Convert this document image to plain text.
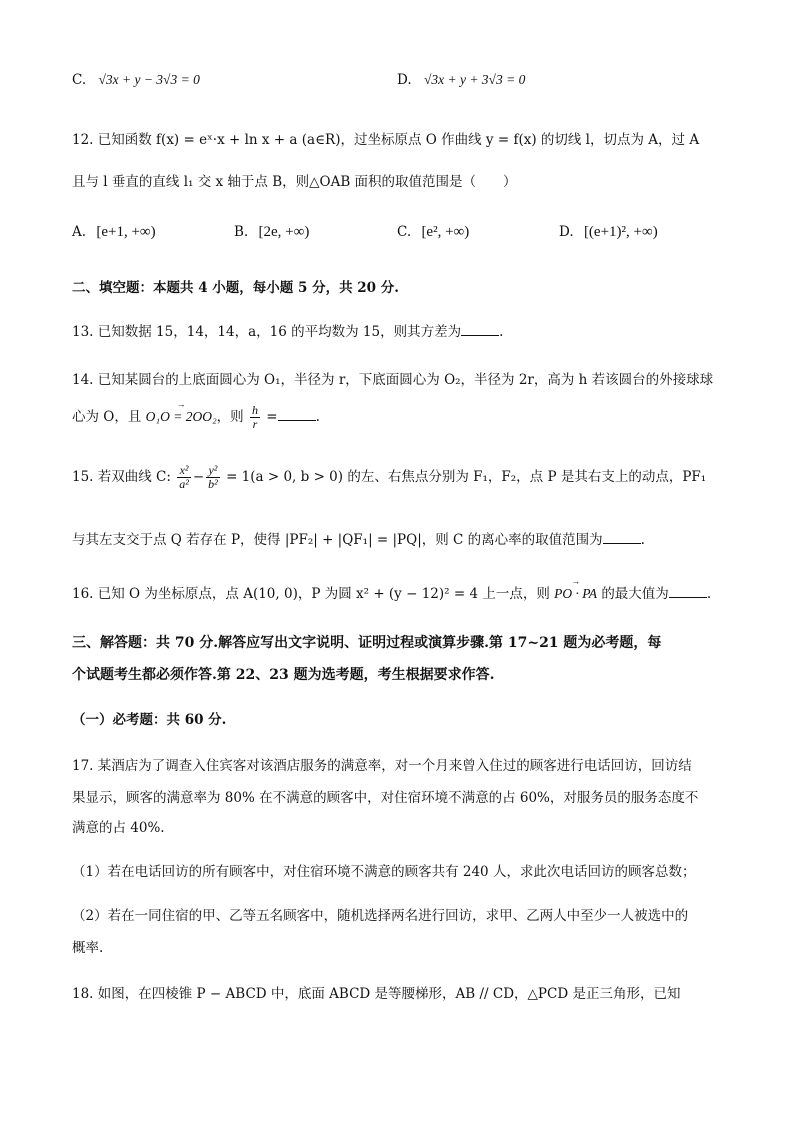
C. √3x + y − 3√3 = 0	D. √3x + y + 3√3 = 0
12. 已知函数 f(x) = eˣ·x + ln x + a (a∈R)，过坐标原点 O 作曲线 y = f(x) 的切线 l，切点为 A，过 A
且与 l 垂直的直线 l₁ 交 x 轴于点 B，则△OAB 面积的取值范围是（　　）
A. [e+1, +∞)	B. [2e, +∞)	C. [e², +∞)	D. [(e+1)², +∞)
二、填空题：本题共 4 小题，每小题 5 分，共 20 分.
13. 已知数据 15，14，14，a，16 的平均数为 15，则其方差为	.
14. 已知某圆台的上底面圆心为 O₁，半径为 r，下底面圆心为 O₂，半径为 2r，高为 h 若该圆台的外接球球
心为 O，且 → O₁O = 2OO₂，则 $\frac{h}{r}$ =	.
15. 若双曲线 C: $\frac{\text{x²}}{\text{a²}} - \frac{\text{y²}}{\text{b²}} = 1(a > 0$, b > 0) 的左、右焦点分别为 F₁，F₂，点 P 是其右支上的动点，PF₁
与其左支交于点 Q 若存在 P，使得 |PF₂| + |QF₁| = |PQ|，则 C 的离心率的取值范围为	.
16. 已知 O 为坐标原点，点 A(10, 0)，P 为圆 x² + (y − 12)² = 4 上一点，则 → PO · PA 的最大值为	.
三、解答题：共 70 分.解答应写出文字说明、证明过程或演算步骤.第 17~21 题为必考题，每
个试题考生都必须作答.第 22、23 题为选考题，考生根据要求作答.
（一）必考题：共 60 分.
17. 某酒店为了调查入住宾客对该酒店服务的满意率，对一个月来曾入住过的顾客进行电话回访，回访结
果显示，顾客的满意率为 80% 在不满意的顾客中，对住宿环境不满意的占 60%，对服务员的服务态度不
满意的占 40%.
（1）若在电话回访的所有顾客中，对住宿环境不满意的顾客共有 240 人，求此次电话回访的顾客总数；
（2）若在一同住宿的甲、乙等五名顾客中，随机选择两名进行回访，求甲、乙两人中至少一人被选中的
概率.
18. 如图，在四棱锥 P − ABCD 中，底面 ABCD 是等腰梯形，AB // CD，△PCD 是正三角形，已知
